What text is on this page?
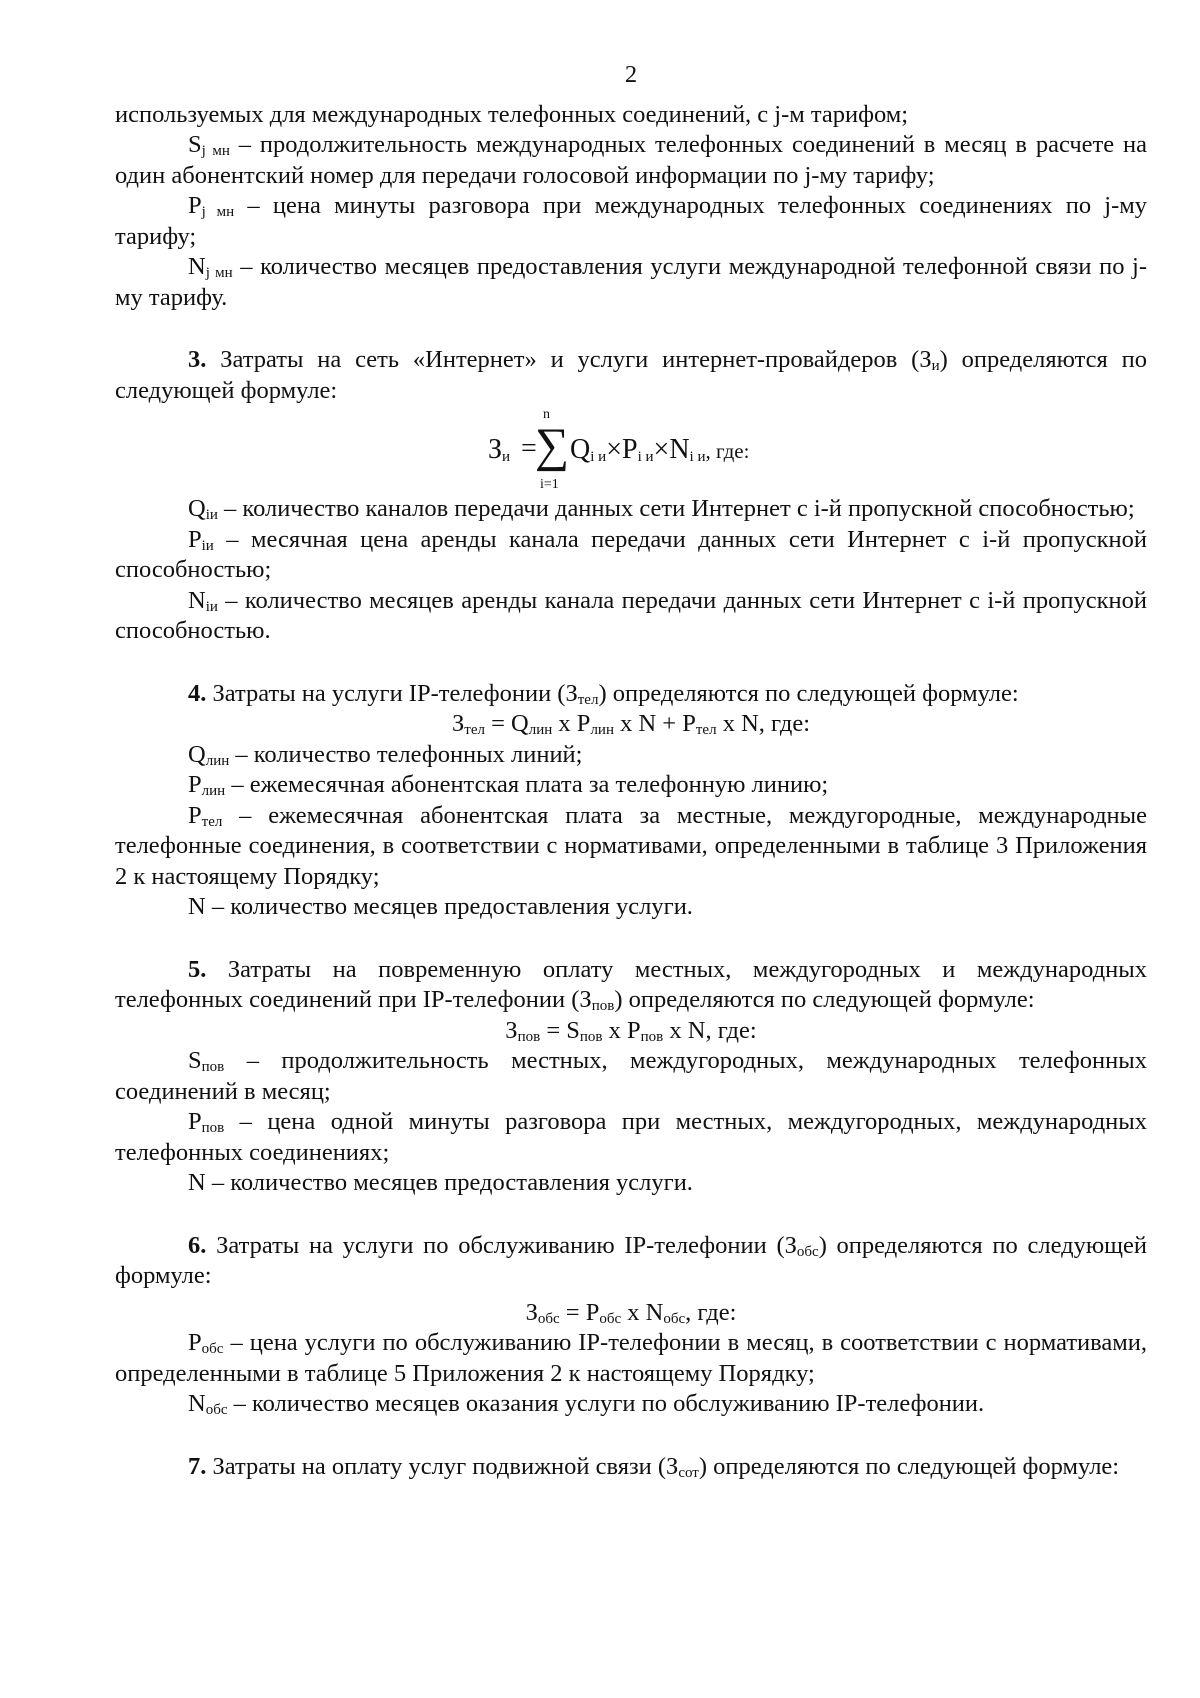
2

используемых для международных телефонных соединений, с j-м тарифом;

$S_{j мн}$ – продолжительность международных телефонных соединений в месяц в расчете на один абонентский номер для передачи голосовой информации по j-му тарифу;

$P_{j мн}$ – цена минуты разговора при международных телефонных соединениях по j-му тарифу;

$N_{j мн}$ – количество месяцев предоставления услуги международной телефонной связи по j-му тарифу.

3. Затраты на сеть «Интернет» и услуги интернет-провайдеров $(З_и)$ определяются по следующей формуле:

$З_и$ =
n
∑
i=1
$Q_{i и}\times P_{i и}\times N_{i и}$, где:

$Q_{iи}$ – количество каналов передачи данных сети Интернет с i-й пропускной способностью;

$P_{iи}$ – месячная цена аренды канала передачи данных сети Интернет с i-й пропускной способностью;

$N_{iи}$ – количество месяцев аренды канала передачи данных сети Интернет с i-й пропускной способностью.

4. Затраты на услуги IP-телефонии $(З_{тел})$ определяются по следующей формуле:

$З_{тел} = Q_{лин}$ x $P_{лин}$ x $N + P_{тел}$ x N, где:

$Q_{лин}$ – количество телефонных линий;

$P_{лин}$ – ежемесячная абонентская плата за телефонную линию;

$P_{тел}$ – ежемесячная абонентская плата за местные, междугородные, международные телефонные соединения, в соответствии с нормативами, определенными в таблице 3 Приложения 2 к настоящему Порядку;

N – количество месяцев предоставления услуги.

5. Затраты на повременную оплату местных, междугородных и международных телефонных соединений при IP-телефонии $(З_{пов})$ определяются по следующей формуле:

$З_{пов} = S_{пов}$ x $P_{пов}$ x N, где:

$S_{пов}$ – продолжительность местных, междугородных, международных телефонных соединений в месяц;

$P_{пов}$ – цена одной минуты разговора при местных, междугородных, международных телефонных соединениях;

N – количество месяцев предоставления услуги.

6. Затраты на услуги по обслуживанию IP-телефонии $(З_{обс})$ определяются по следующей формуле:

$З_{обс} = P_{обс}$ x $N_{обс}$, где:

$P_{обс}$ – цена услуги по обслуживанию IP-телефонии в месяц, в соответствии с нормативами, определенными в таблице 5 Приложения 2 к настоящему Порядку;

$N_{обс}$ – количество месяцев оказания услуги по обслуживанию IP-телефонии.

7. Затраты на оплату услуг подвижной связи $(З_{сот})$ определяются по следующей формуле:
